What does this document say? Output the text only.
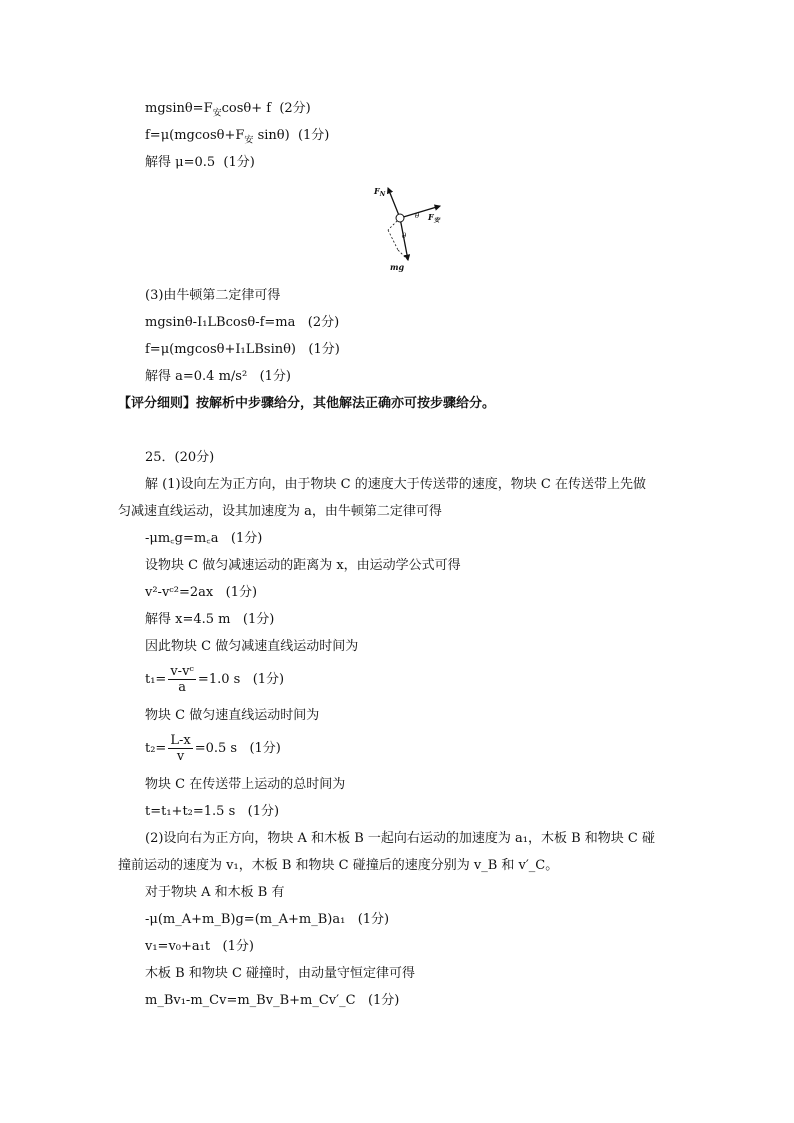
$mgsin\theta=F_安\cos\theta+ f$ (2分)
$f=\mu(mgcos\theta+F_安$ sinθ) (1分)
解得 μ=0.5 (1分)
$F_N$
$F_安$
mg
θ
θ
(3)由牛顿第二定律可得
mgsinθ-I₁LBcosθ-f=ma (2分)
f=μ(mgcosθ+I₁LBsinθ) (1分)
解得 a=0.4 m/s² (1分)
【评分细则】按解析中步骤给分，其他解法正确亦可按步骤给分。
25．(20分)
解 (1)设向左为正方向，由于物块 C 的速度大于传送带的速度，物块 C 在传送带上先做
匀减速直线运动，设其加速度为 a，由牛顿第二定律可得
-μm꜀g=m꜀a (1分)
设物块 C 做匀减速运动的距离为 x，由运动学公式可得
v²-vᶜ²=2ax (1分)
解得 x=4.5 m (1分)
因此物块 C 做匀减速直线运动时间为
$t_1= \frac{\text{v-vᶜ}}{a} =1.0$ s (1分)
物块 C 做匀速直线运动时间为
$t_2= \frac{L-x}{v} =0.5$ s (1分)
物块 C 在传送带上运动的总时间为
t=t₁+t₂=1.5 s (1分)
(2)设向右为正方向，物块 A 和木板 B 一起向右运动的加速度为 a₁，木板 B 和物块 C 碰
撞前运动的速度为 v₁，木板 B 和物块 C 碰撞后的速度分别为 v_B 和 v′_C。
对于物块 A 和木板 B 有
-μ(m_A+m_B)g=(m_A+m_B)a₁ (1分)
v₁=v₀+a₁t (1分)
木板 B 和物块 C 碰撞时，由动量守恒定律可得
m_Bv₁-m_Cv=m_Bv_B+m_Cv′_C (1分)
